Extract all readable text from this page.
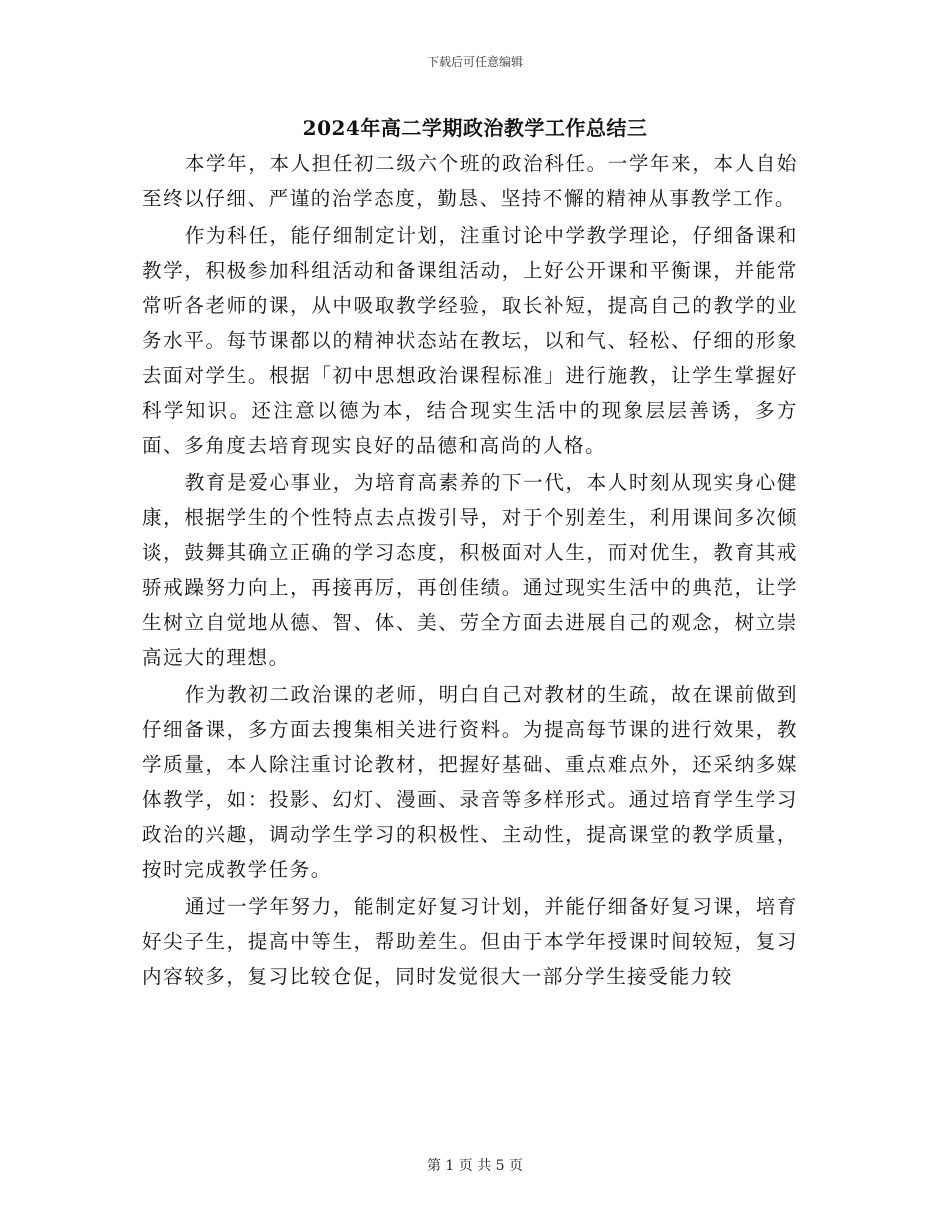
下载后可任意编辑
2024年高二学期政治教学工作总结三

本学年，本人担任初二级六个班的政治科任。一学年来，本人自始至终以仔细、严谨的治学态度，勤恳、坚持不懈的精神从事教学工作。

作为科任，能仔细制定计划，注重讨论中学教学理论，仔细备课和教学，积极参加科组活动和备课组活动，上好公开课和平衡课，并能常常听各老师的课，从中吸取教学经验，取长补短，提高自己的教学的业务水平。每节课都以的精神状态站在教坛，以和气、轻松、仔细的形象去面对学生。根据「初中思想政治课程标准」进行施教，让学生掌握好科学知识。还注意以德为本，结合现实生活中的现象层层善诱，多方面、多角度去培育现实良好的品德和高尚的人格。

教育是爱心事业，为培育高素养的下一代，本人时刻从现实身心健康，根据学生的个性特点去点拨引导，对于个别差生，利用课间多次倾谈，鼓舞其确立正确的学习态度，积极面对人生，而对优生，教育其戒骄戒躁努力向上，再接再厉，再创佳绩。通过现实生活中的典范，让学生树立自觉地从德、智、体、美、劳全方面去进展自己的观念，树立崇高远大的理想。

作为教初二政治课的老师，明白自己对教材的生疏，故在课前做到仔细备课，多方面去搜集相关进行资料。为提高每节课的进行效果，教学质量，本人除注重讨论教材，把握好基础、重点难点外，还采纳多媒体教学，如：投影、幻灯、漫画、录音等多样形式。通过培育学生学习政治的兴趣，调动学生学习的积极性、主动性，提高课堂的教学质量，按时完成教学任务。

通过一学年努力，能制定好复习计划，并能仔细备好复习课，培育好尖子生，提高中等生，帮助差生。但由于本学年授课时间较短，复习内容较多，复习比较仓促，同时发觉很大一部分学生接受能力较

第 1 页 共 5 页
